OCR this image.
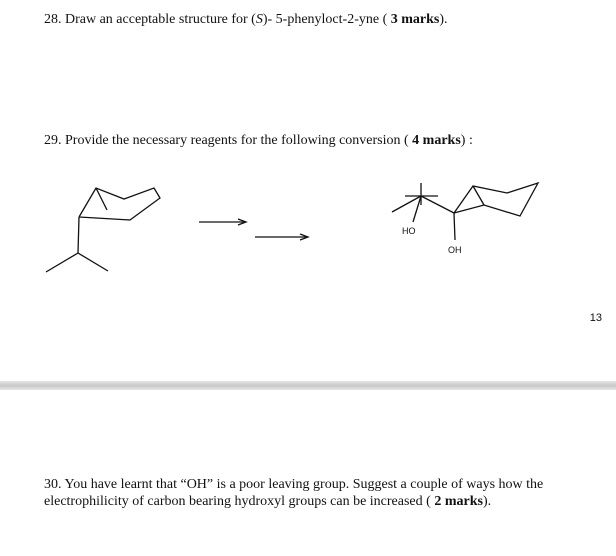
28. Draw an acceptable structure for (S)- 5-phenyloct-2-yne ( 3 marks).
29. Provide the necessary reagents for the following conversion ( 4 marks) :
HO
OH
13
30. You have learnt that “OH” is a poor leaving group. Suggest a couple of ways how the electrophilicity of carbon bearing hydroxyl groups can be increased ( 2 marks).
